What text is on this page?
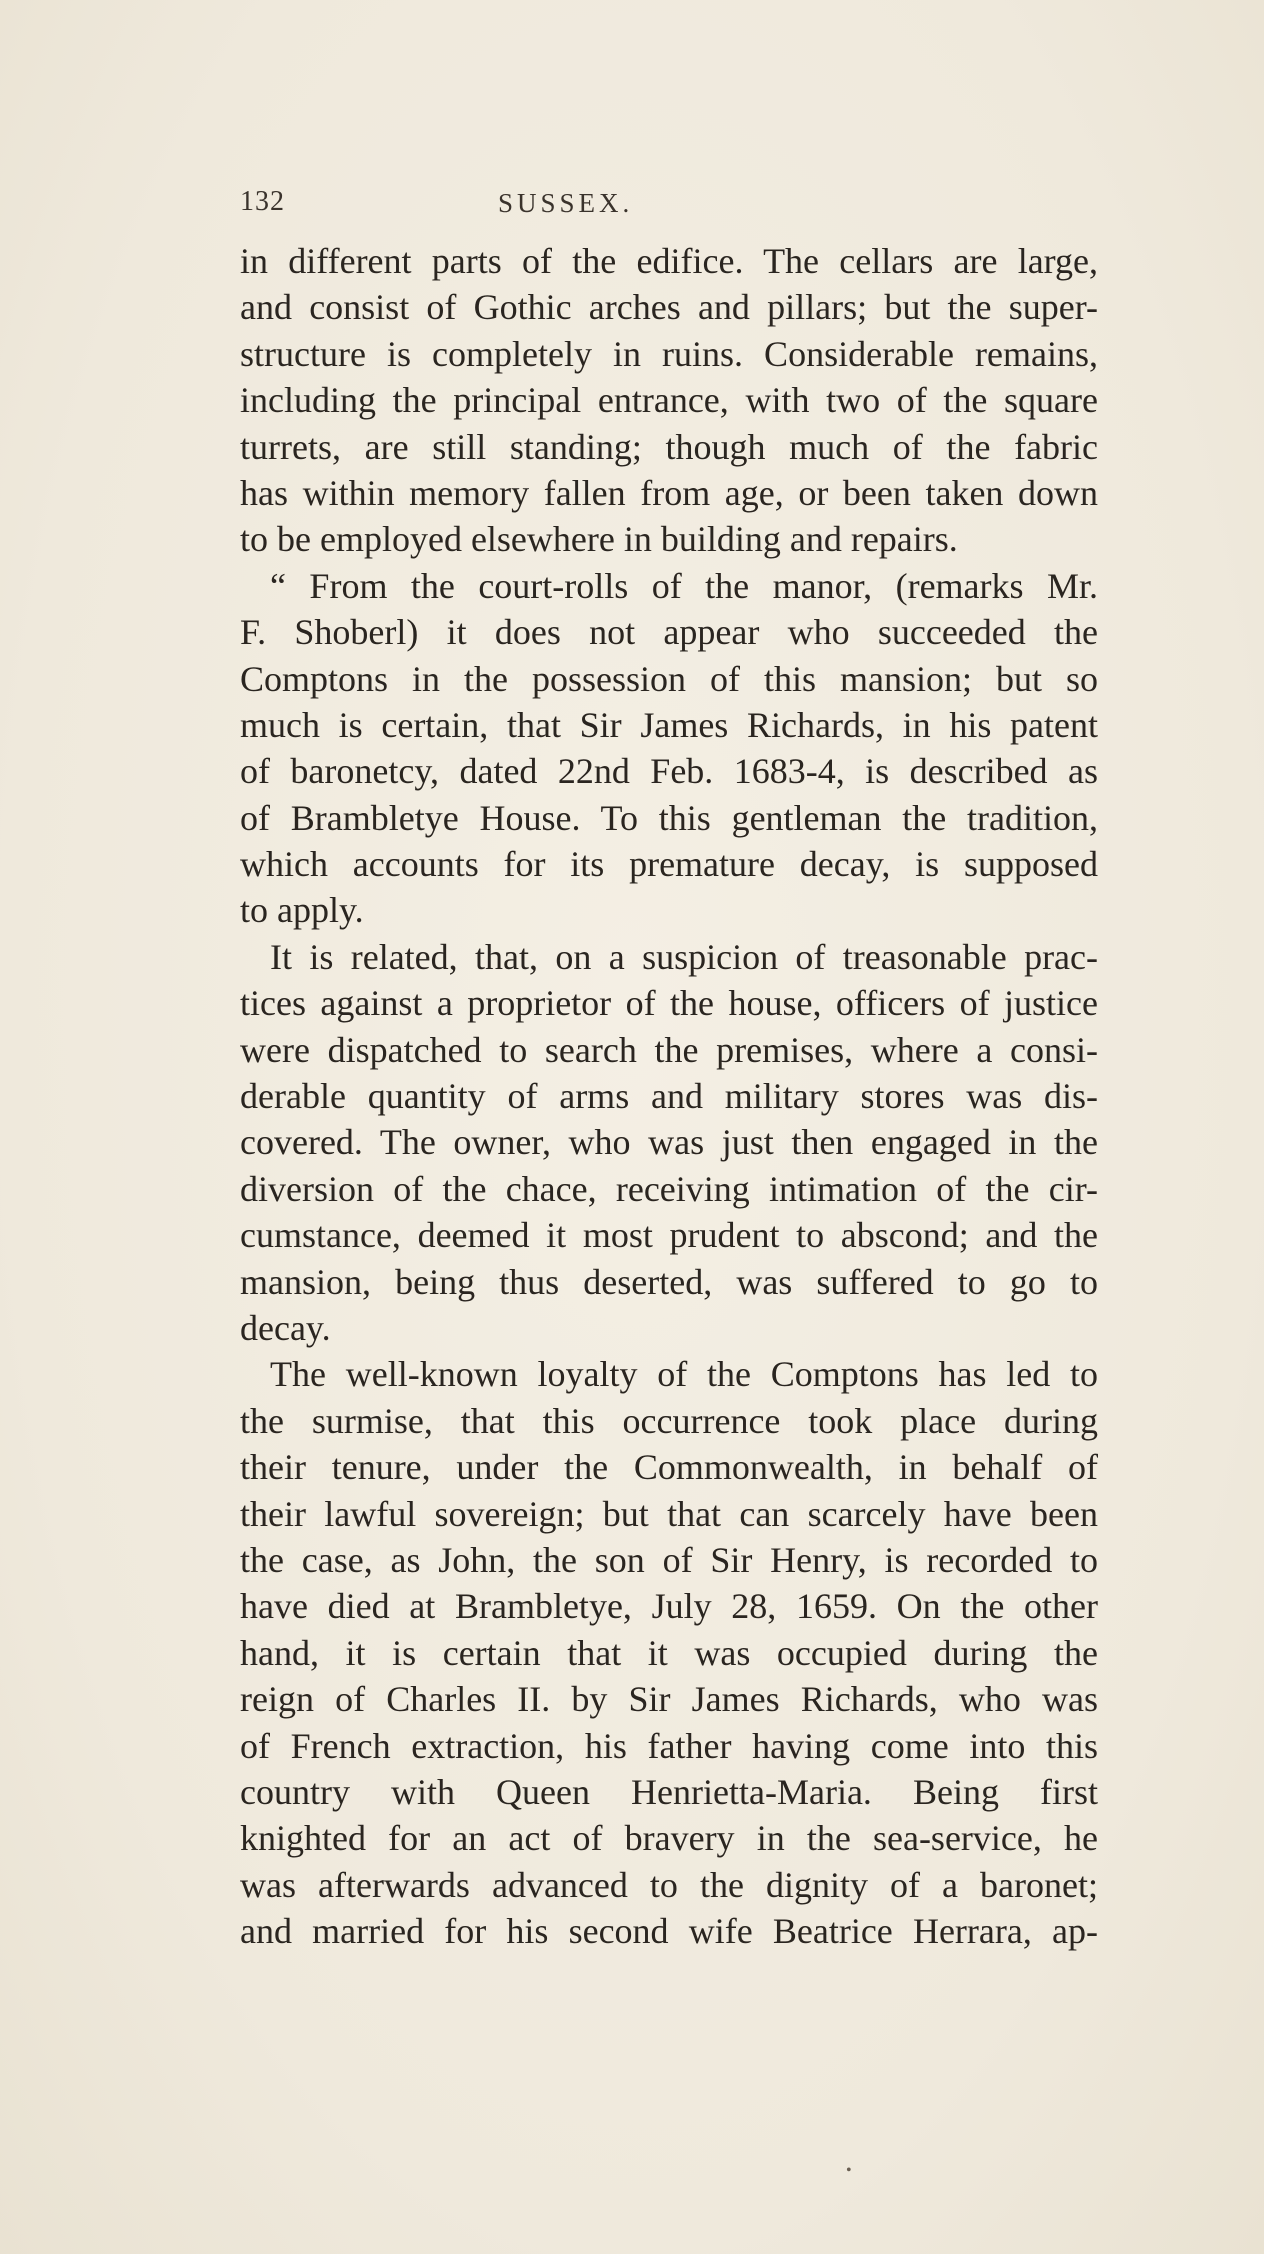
132	SUSSEX.
in different parts of the edifice. The cellars are large,
and consist of Gothic arches and pillars; but the super-
structure is completely in ruins. Considerable remains,
including the principal entrance, with two of the square
turrets, are still standing; though much of the fabric
has within memory fallen from age, or been taken down
to be employed elsewhere in building and repairs.
“ From the court-rolls of the manor, (remarks Mr.
F. Shoberl) it does not appear who succeeded the
Comptons in the possession of this mansion; but so
much is certain, that Sir James Richards, in his patent
of baronetcy, dated 22nd Feb. 1683-4, is described as
of Brambletye House. To this gentleman the tradition,
which accounts for its premature decay, is supposed
to apply.
It is related, that, on a suspicion of treasonable prac-
tices against a proprietor of the house, officers of justice
were dispatched to search the premises, where a consi-
derable quantity of arms and military stores was dis-
covered. The owner, who was just then engaged in the
diversion of the chace, receiving intimation of the cir-
cumstance, deemed it most prudent to abscond; and the
mansion, being thus deserted, was suffered to go to
decay.
The well-known loyalty of the Comptons has led to
the surmise, that this occurrence took place during
their tenure, under the Commonwealth, in behalf of
their lawful sovereign; but that can scarcely have been
the case, as John, the son of Sir Henry, is recorded to
have died at Brambletye, July 28, 1659. On the other
hand, it is certain that it was occupied during the
reign of Charles II. by Sir James Richards, who was
of French extraction, his father having come into this
country with Queen Henrietta-Maria. Being first
knighted for an act of bravery in the sea-service, he
was afterwards advanced to the dignity of a baronet;
and married for his second wife Beatrice Herrara, ap-
•
